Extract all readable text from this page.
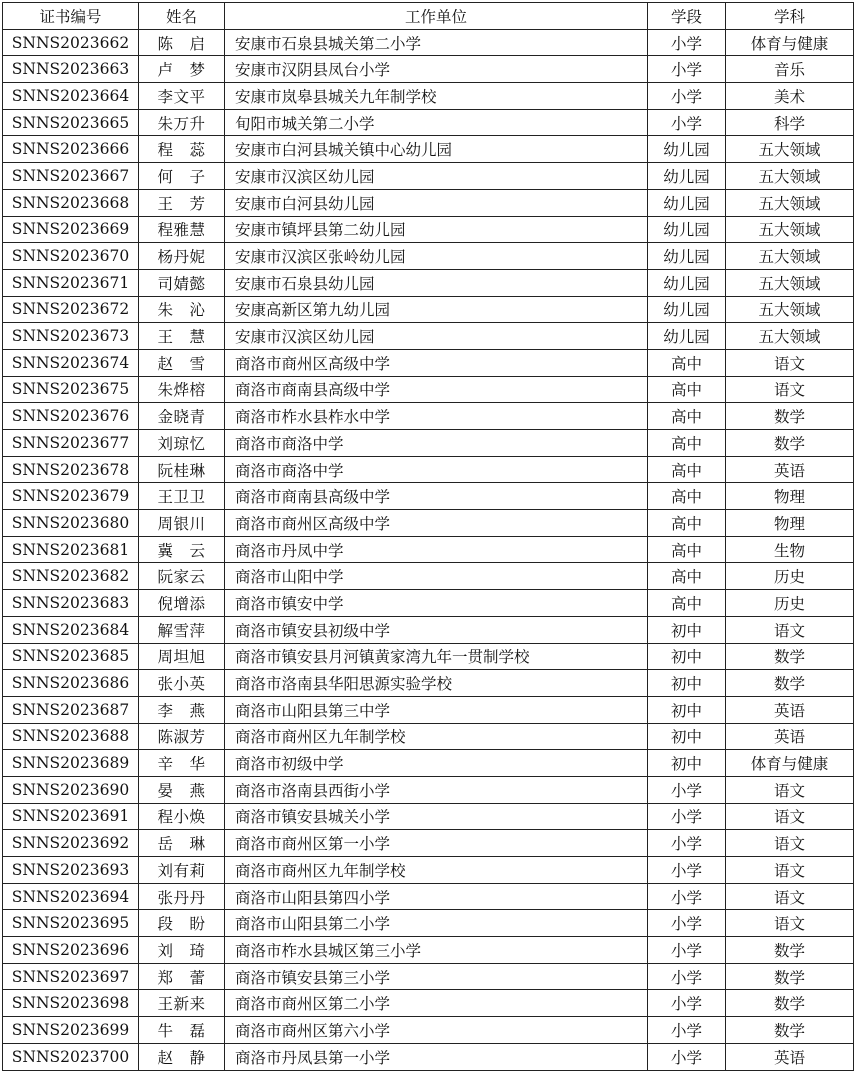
证书编号	姓名	工作单位	学段	学科
SNNS2023662	陈　启	安康市石泉县城关第二小学	小学	体育与健康
SNNS2023663	卢　梦	安康市汉阴县凤台小学	小学	音乐
SNNS2023664	李文平	安康市岚皋县城关九年制学校	小学	美术
SNNS2023665	朱万升	旬阳市城关第二小学	小学	科学
SNNS2023666	程　蕊	安康市白河县城关镇中心幼儿园	幼儿园	五大领域
SNNS2023667	何　子	安康市汉滨区幼儿园	幼儿园	五大领域
SNNS2023668	王　芳	安康市白河县幼儿园	幼儿园	五大领域
SNNS2023669	程雅慧	安康市镇坪县第二幼儿园	幼儿园	五大领域
SNNS2023670	杨丹妮	安康市汉滨区张岭幼儿园	幼儿园	五大领域
SNNS2023671	司婧懿	安康市石泉县幼儿园	幼儿园	五大领域
SNNS2023672	朱　沁	安康高新区第九幼儿园	幼儿园	五大领域
SNNS2023673	王　慧	安康市汉滨区幼儿园	幼儿园	五大领域
SNNS2023674	赵　雪	商洛市商州区高级中学	高中	语文
SNNS2023675	朱烨榕	商洛市商南县高级中学	高中	语文
SNNS2023676	金晓青	商洛市柞水县柞水中学	高中	数学
SNNS2023677	刘琼忆	商洛市商洛中学	高中	数学
SNNS2023678	阮桂琳	商洛市商洛中学	高中	英语
SNNS2023679	王卫卫	商洛市商南县高级中学	高中	物理
SNNS2023680	周银川	商洛市商州区高级中学	高中	物理
SNNS2023681	冀　云	商洛市丹凤中学	高中	生物
SNNS2023682	阮家云	商洛市山阳中学	高中	历史
SNNS2023683	倪增添	商洛市镇安中学	高中	历史
SNNS2023684	解雪萍	商洛市镇安县初级中学	初中	语文
SNNS2023685	周坦旭	商洛市镇安县月河镇黄家湾九年一贯制学校	初中	数学
SNNS2023686	张小英	商洛市洛南县华阳思源实验学校	初中	数学
SNNS2023687	李　燕	商洛市山阳县第三中学	初中	英语
SNNS2023688	陈淑芳	商洛市商州区九年制学校	初中	英语
SNNS2023689	辛　华	商洛市初级中学	初中	体育与健康
SNNS2023690	晏　燕	商洛市洛南县西街小学	小学	语文
SNNS2023691	程小焕	商洛市镇安县城关小学	小学	语文
SNNS2023692	岳　琳	商洛市商州区第一小学	小学	语文
SNNS2023693	刘有莉	商洛市商州区九年制学校	小学	语文
SNNS2023694	张丹丹	商洛市山阳县第四小学	小学	语文
SNNS2023695	段　盼	商洛市山阳县第二小学	小学	语文
SNNS2023696	刘　琦	商洛市柞水县城区第三小学	小学	数学
SNNS2023697	郑　蕾	商洛市镇安县第三小学	小学	数学
SNNS2023698	王新来	商洛市商州区第二小学	小学	数学
SNNS2023699	牛　磊	商洛市商州区第六小学	小学	数学
SNNS2023700	赵　静	商洛市丹凤县第一小学	小学	英语
